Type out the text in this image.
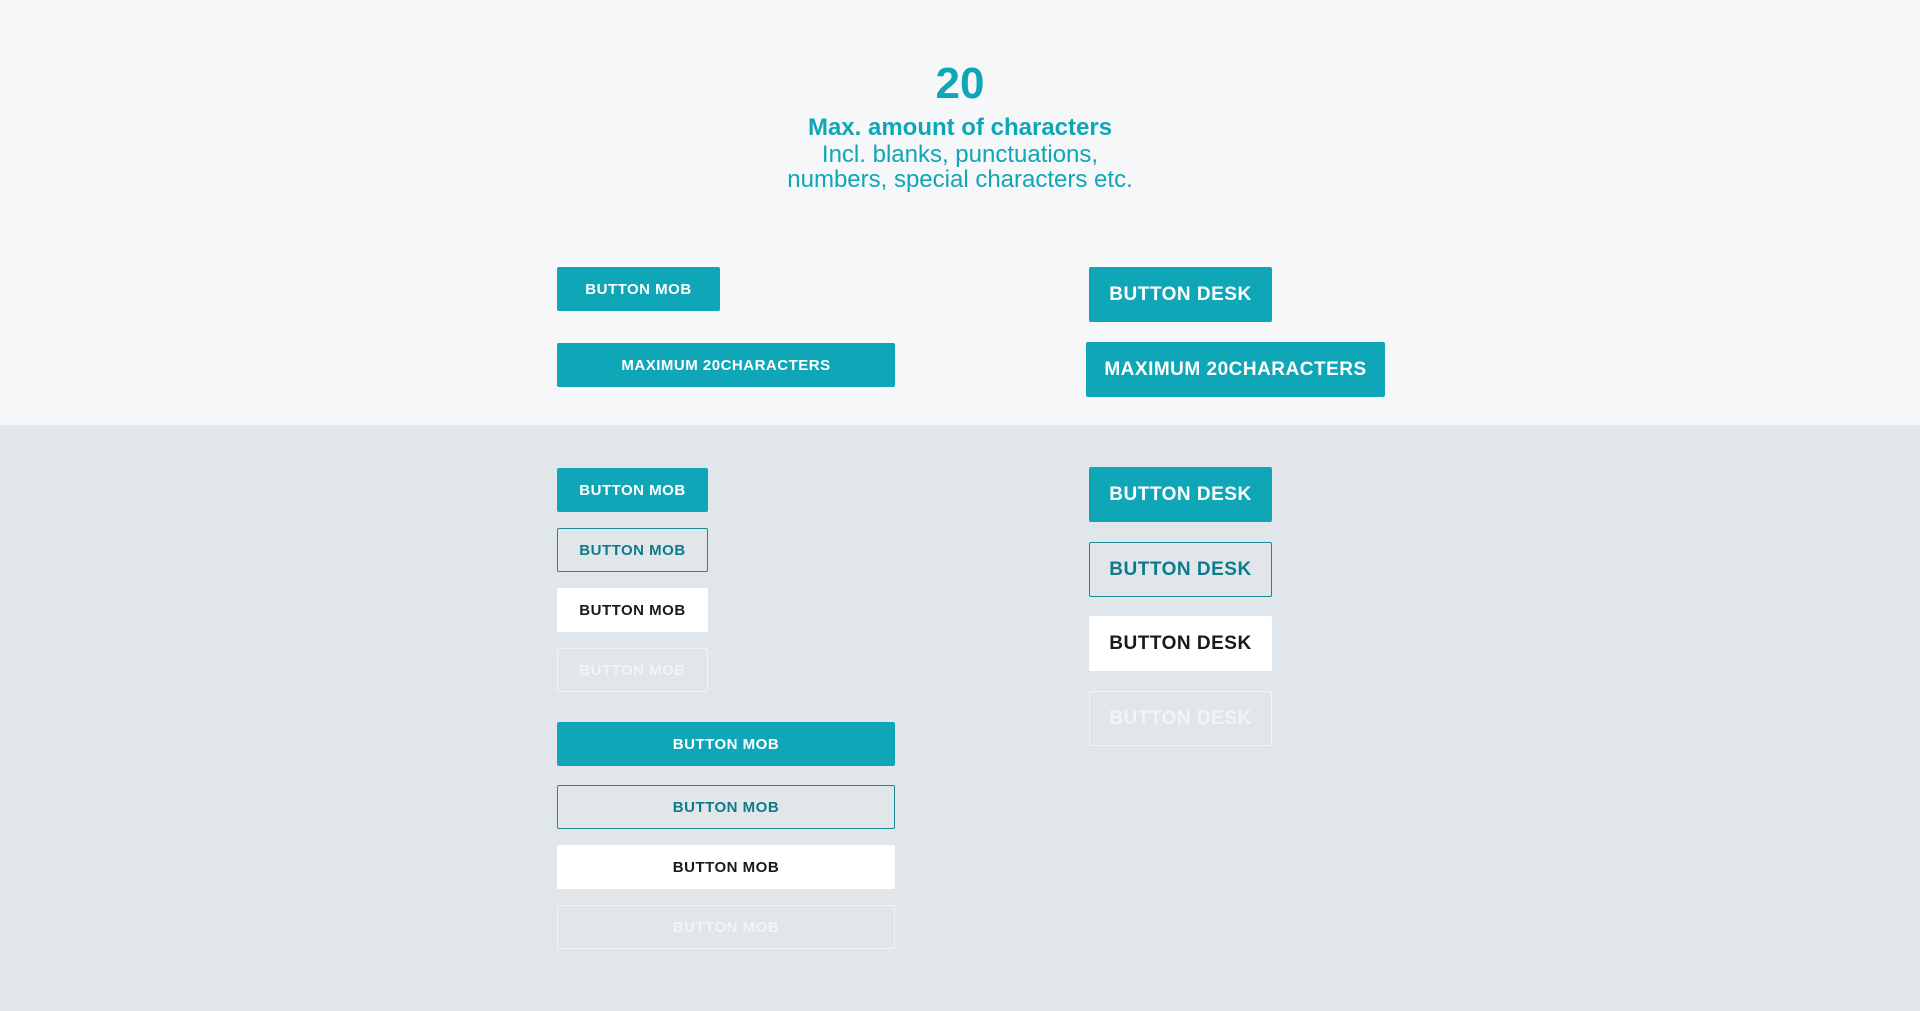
20
Max. amount of characters
Incl. blanks, punctuations,
numbers, special characters etc.
BUTTON MOB
MAXIMUM 20CHARACTERS
BUTTON DESK
MAXIMUM 20CHARACTERS
BUTTON MOB
BUTTON MOB
BUTTON MOB
BUTTON MOB
BUTTON MOB
BUTTON MOB
BUTTON MOB
BUTTON MOB
BUTTON DESK
BUTTON DESK
BUTTON DESK
BUTTON DESK
